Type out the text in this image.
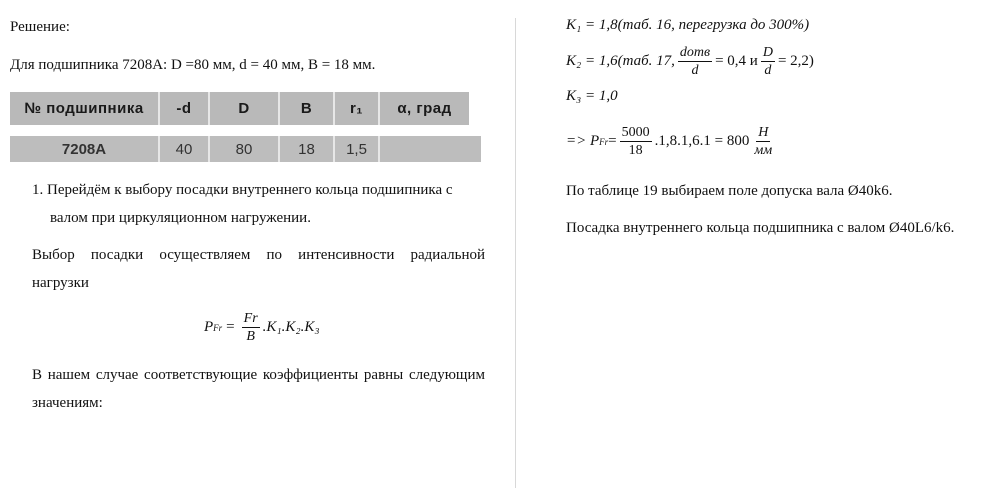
Решение:
Для подшипника 7208А: D =80 мм, d = 40 мм, B = 18 мм.
№ подшипника	-d	D	B	r₁	α, град
7208А	40	80	18	1,5
1. Перейдём к выбору посадки внутреннего кольца подшипника с
валом при циркуляционном нагружении.
Выбор посадки осуществляем по интенсивности радиальной
нагрузки
P $Fr = \frac{Fr}{B} .K_1.K_2.K_3$
В нашем случае соответствующие коэффициенты равны следующим
значениям:
K₁ = 1,8(таб. 16, перегрузка до 300%)
K₂ = 1,6(таб. 17, $\frac{\text{dотв}}{d} = 0,4$ и $\frac{D}{d} = 2,2$)
K₃ = 1,0
=> P $Fr = \frac{5000}{18} .1,8.1,6.1 = 800 \frac{Н}{мм}$
По таблице 19 выбираем поле допуска вала Ø40k6.
Посадка внутреннего кольца подшипника с валом Ø40L6/k6.
